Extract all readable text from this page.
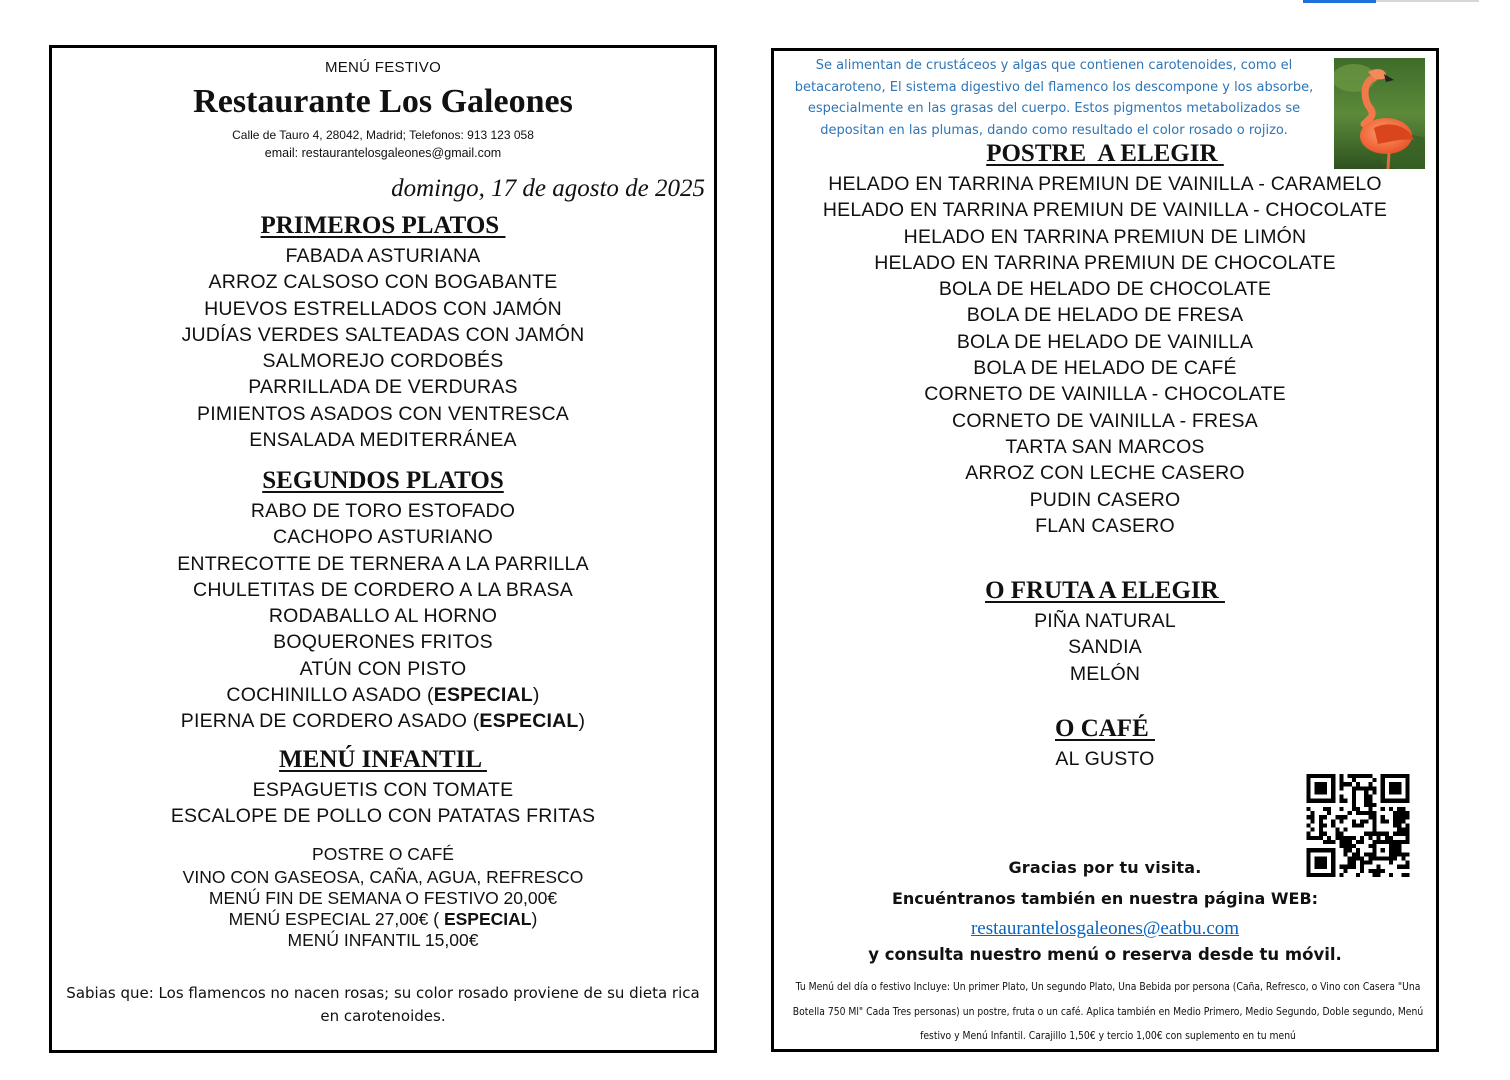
MENÚ FESTIVO
Restaurante Los Galeones
Calle de Tauro 4, 28042, Madrid; Telefonos: 913 123 058
email: restaurantelosgaleones@gmail.com
domingo, 17 de agosto de 2025
PRIMEROS PLATOS
FABADA ASTURIANA
ARROZ CALSOSO CON BOGABANTE
HUEVOS ESTRELLADOS CON JAMÓN
JUDÍAS VERDES SALTEADAS CON JAMÓN
SALMOREJO CORDOBÉS
PARRILLADA DE VERDURAS
PIMIENTOS ASADOS CON VENTRESCA
ENSALADA MEDITERRÁNEA
SEGUNDOS PLATOS
RABO DE TORO ESTOFADO
CACHOPO ASTURIANO
ENTRECOTTE DE TERNERA A LA PARRILLA
CHULETITAS DE CORDERO A LA BRASA
RODABALLO AL HORNO
BOQUERONES FRITOS
ATÚN CON PISTO
COCHINILLO ASADO (ESPECIAL)
PIERNA DE CORDERO ASADO (ESPECIAL)
MENÚ INFANTIL
ESPAGUETIS CON TOMATE
ESCALOPE DE POLLO CON PATATAS FRITAS
POSTRE O CAFÉ
VINO CON GASEOSA, CAÑA, AGUA, REFRESCO
MENÚ FIN DE SEMANA O FESTIVO 20,00€
MENÚ ESPECIAL 27,00€ ( ESPECIAL)
MENÚ INFANTIL 15,00€
Sabias que: Los flamencos no nacen rosas; su color rosado proviene de su dieta rica en carotenoides.
Se alimentan de crustáceos y algas que contienen carotenoides, como el betacaroteno, El sistema digestivo del flamenco los descompone y los absorbe, especialmente en las grasas del cuerpo. Estos pigmentos metabolizados se depositan en las plumas, dando como resultado el color rosado o rojizo.
POSTRE  A ELEGIR
HELADO EN TARRINA PREMIUN DE VAINILLA - CARAMELO
HELADO EN TARRINA PREMIUN DE VAINILLA - CHOCOLATE
HELADO EN TARRINA PREMIUN DE LIMÓN
HELADO EN TARRINA PREMIUN DE CHOCOLATE
BOLA DE HELADO DE CHOCOLATE
BOLA DE HELADO DE FRESA
BOLA DE HELADO DE VAINILLA
BOLA DE HELADO DE CAFÉ
CORNETO DE VAINILLA - CHOCOLATE
CORNETO DE VAINILLA - FRESA
TARTA SAN MARCOS
ARROZ CON LECHE CASERO
PUDIN CASERO
FLAN CASERO
O FRUTA A ELEGIR
PIÑA NATURAL
SANDIA
MELÓN
O CAFÉ
AL GUSTO
Gracias por tu visita.
Encuéntranos también en nuestra página WEB:
restaurantelosgaleones@eatbu.com
y consulta nuestro menú o reserva desde tu móvil.
Tu Menú del día o festivo Incluye: Un primer Plato, Un segundo Plato, Una Bebida por persona (Caña, Refresco, o Vino con Casera "Una Botella 750 Ml" Cada Tres personas) un postre, fruta o un café. Aplica también en Medio Primero, Medio Segundo, Doble segundo, Menú festivo y Menú Infantil. Carajillo 1,50€ y tercio 1,00€ con suplemento en tu menú
